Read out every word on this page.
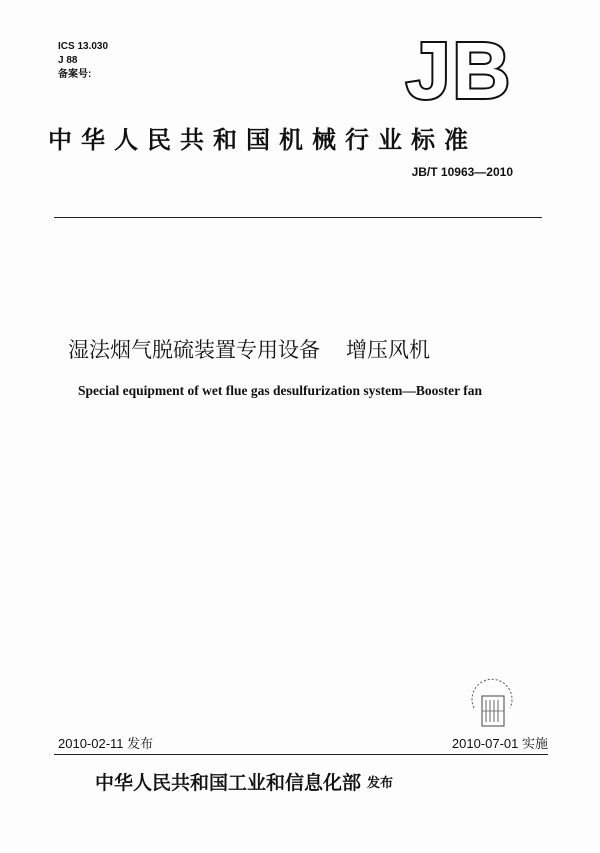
ICS 13.030
J 88
备案号:	JB
中华人民共和国机械行业标准
JB/T 10963—2010
湿法烟气脱硫装置专用设备 增压风机
Special equipment of wet flue gas desulfurization system—Booster fan
2010-02-11 发布	2010-07-01 实施
中华人民共和国工业和信息化部 发布
